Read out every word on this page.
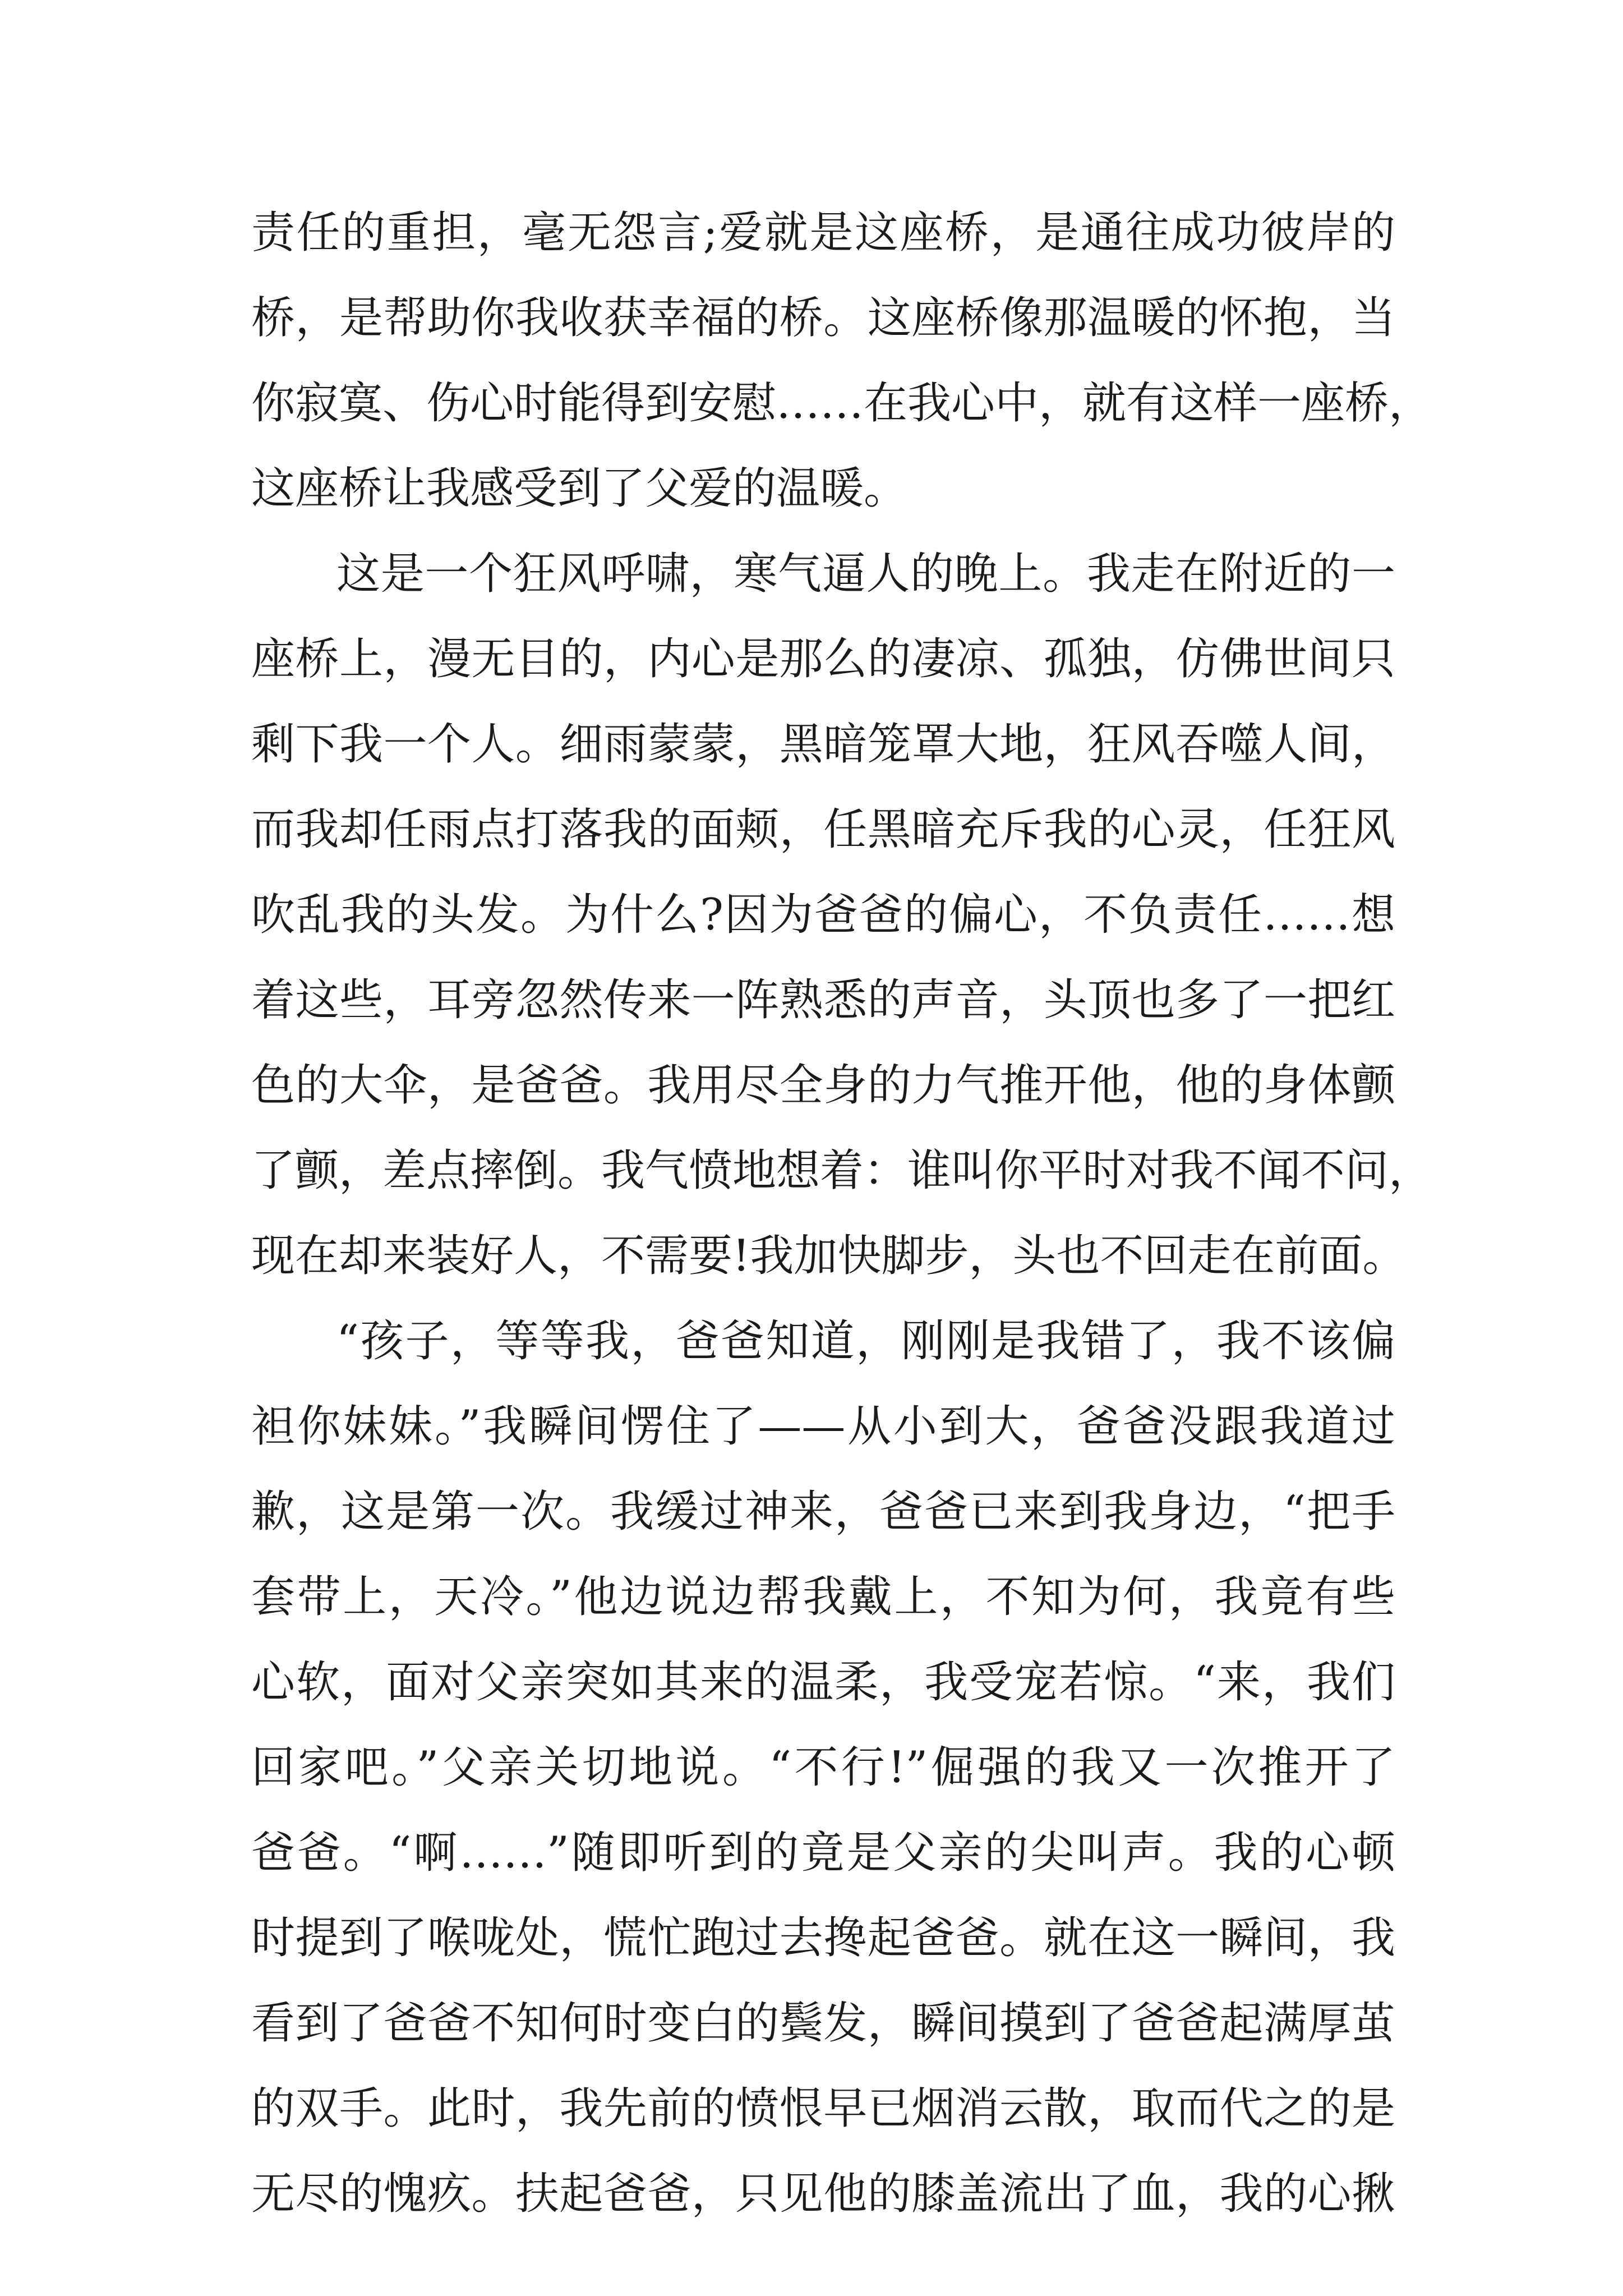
责任的重担，毫无怨言;爱就是这座桥，是通往成功彼岸的
桥，是帮助你我收获幸福的桥。这座桥像那温暖的怀抱，当
你寂寞、伤心时能得到安慰……在我心中，就有这样一座桥，
这座桥让我感受到了父爱的温暖。
这是一个狂风呼啸，寒气逼人的晚上。我走在附近的一
座桥上，漫无目的，内心是那么的凄凉、孤独，仿佛世间只
剩下我一个人。细雨蒙蒙，黑暗笼罩大地，狂风吞噬人间，
而我却任雨点打落我的面颊，任黑暗充斥我的心灵，任狂风
吹乱我的头发。为什么?因为爸爸的偏心，不负责任……想
着这些，耳旁忽然传来一阵熟悉的声音，头顶也多了一把红
色的大伞，是爸爸。我用尽全身的力气推开他，他的身体颤
了颤，差点摔倒。我气愤地想着：谁叫你平时对我不闻不问，
现在却来装好人，不需要!我加快脚步，头也不回走在前面。
“孩子，等等我，爸爸知道，刚刚是我错了，我不该偏
袒你妹妹。”我瞬间愣住了——从小到大，爸爸没跟我道过
歉，这是第一次。我缓过神来，爸爸已来到我身边，“把手
套带上，天冷。”他边说边帮我戴上，不知为何，我竟有些
心软，面对父亲突如其来的温柔，我受宠若惊。“来，我们
回家吧。”父亲关切地说。“不行!”倔强的我又一次推开了
爸爸。“啊……”随即听到的竟是父亲的尖叫声。我的心顿
时提到了喉咙处，慌忙跑过去搀起爸爸。就在这一瞬间，我
看到了爸爸不知何时变白的鬓发，瞬间摸到了爸爸起满厚茧
的双手。此时，我先前的愤恨早已烟消云散，取而代之的是
无尽的愧疚。扶起爸爸，只见他的膝盖流出了血，我的心揪
